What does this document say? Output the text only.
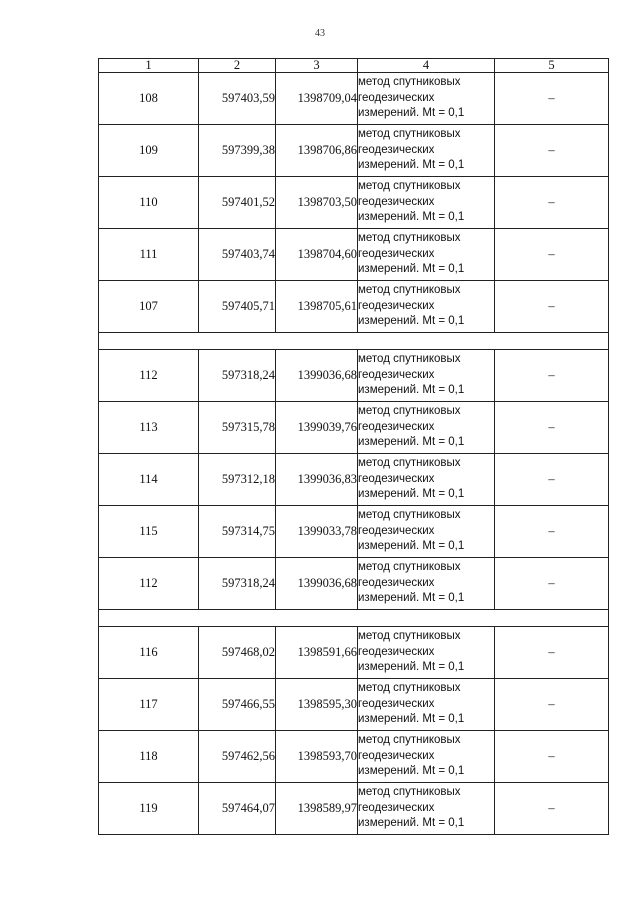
43
1	2	3	4	5
108	597403,59	1398709,04	метод спутниковых
геодезических
измерений. Mt = 0,1	–
109	597399,38	1398706,86	метод спутниковых
геодезических
измерений. Mt = 0,1	–
110	597401,52	1398703,50	метод спутниковых
геодезических
измерений. Mt = 0,1	–
111	597403,74	1398704,60	метод спутниковых
геодезических
измерений. Mt = 0,1	–
107	597405,71	1398705,61	метод спутниковых
геодезических
измерений. Mt = 0,1	–

112	597318,24	1399036,68	метод спутниковых
геодезических
измерений. Mt = 0,1	–
113	597315,78	1399039,76	метод спутниковых
геодезических
измерений. Mt = 0,1	–
114	597312,18	1399036,83	метод спутниковых
геодезических
измерений. Mt = 0,1	–
115	597314,75	1399033,78	метод спутниковых
геодезических
измерений. Mt = 0,1	–
112	597318,24	1399036,68	метод спутниковых
геодезических
измерений. Mt = 0,1	–

116	597468,02	1398591,66	метод спутниковых
геодезических
измерений. Mt = 0,1	–
117	597466,55	1398595,30	метод спутниковых
геодезических
измерений. Mt = 0,1	–
118	597462,56	1398593,70	метод спутниковых
геодезических
измерений. Mt = 0,1	–
119	597464,07	1398589,97	метод спутниковых
геодезических
измерений. Mt = 0,1	–
